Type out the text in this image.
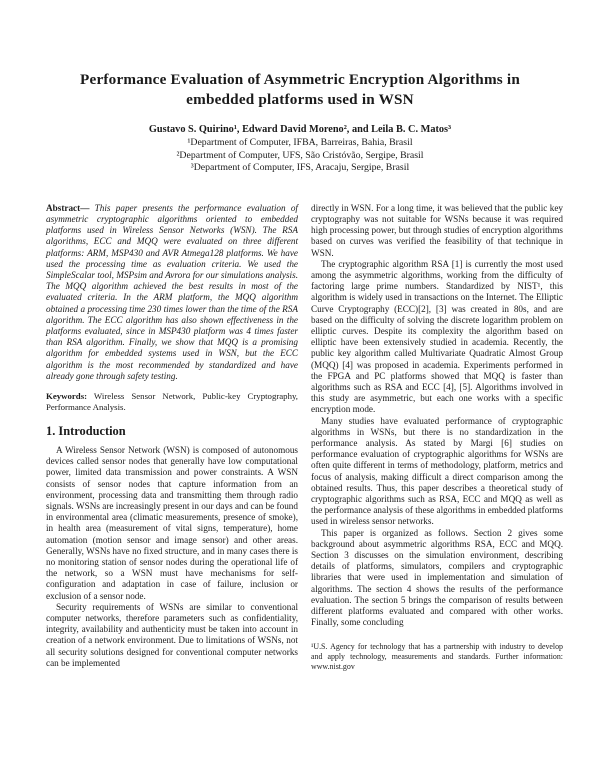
Performance Evaluation of Asymmetric Encryption Algorithms in embedded platforms used in WSN
Gustavo S. Quirino¹, Edward David Moreno², and Leila B. C. Matos³
¹Department of Computer, IFBA, Barreiras, Bahia, Brasil
²Department of Computer, UFS, São Cristóvão, Sergipe, Brasil
³Department of Computer, IFS, Aracaju, Sergipe, Brasil
Abstract— This paper presents the performance evaluation of asymmetric cryptographic algorithms oriented to embedded platforms used in Wireless Sensor Networks (WSN). The RSA algorithms, ECC and MQQ were evaluated on three different platforms: ARM, MSP430 and AVR Atmega128 platforms. We have used the processing time as evaluation criteria. We used the SimpleScalar tool, MSPsim and Avrora for our simulations analysis. The MQQ algorithm achieved the best results in most of the evaluated criteria. In the ARM platform, the MQQ algorithm obtained a processing time 230 times lower than the time of the RSA algorithm. The ECC algorithm has also shown effectiveness in the platforms evaluated, since in MSP430 platform was 4 times faster than RSA algorithm. Finally, we show that MQQ is a promising algorithm for embedded systems used in WSN, but the ECC algorithm is the most recommended by standardized and have already gone through safety testing.
Keywords: Wireless Sensor Network, Public-key Cryptography, Performance Analysis.
1. Introduction

A Wireless Sensor Network (WSN) is composed of autonomous devices called sensor nodes that generally have low computational power, limited data transmission and power constraints. A WSN consists of sensor nodes that capture information from an environment, processing data and transmitting them through radio signals. WSNs are increasingly present in our days and can be found in environmental area (climatic measurements, presence of smoke), in health area (measurement of vital signs, temperature), home automation (motion sensor and image sensor) and other areas. Generally, WSNs have no fixed structure, and in many cases there is no monitoring station of sensor nodes during the operational life of the network, so a WSN must have mechanisms for self-configuration and adaptation in case of failure, inclusion or exclusion of a sensor node.

Security requirements of WSNs are similar to conventional computer networks, therefore parameters such as confidentiality, integrity, availability and authenticity must be taken into account in creation of a network environment. Due to limitations of WSNs, not all security solutions designed for conventional computer networks can be implemented

directly in WSN. For a long time, it was believed that the public key cryptography was not suitable for WSNs because it was required high processing power, but through studies of encryption algorithms based on curves was verified the feasibility of that technique in WSN.

The cryptographic algorithm RSA [1] is currently the most used among the asymmetric algorithms, working from the difficulty of factoring large prime numbers. Standardized by NIST¹, this algorithm is widely used in transactions on the Internet. The Elliptic Curve Cryptography (ECC)[2], [3] was created in 80s, and are based on the difficulty of solving the discrete logarithm problem on elliptic curves. Despite its complexity the algorithm based on elliptic have been extensively studied in academia. Recently, the public key algorithm called Multivariate Quadratic Almost Group (MQQ) [4] was proposed in academia. Experiments performed in the FPGA and PC platforms showed that MQQ is faster than algorithms such as RSA and ECC [4], [5]. Algorithms involved in this study are asymmetric, but each one works with a specific encryption mode.

Many studies have evaluated performance of cryptographic algorithms in WSNs, but there is no standardization in the performance analysis. As stated by Margi [6] studies on performance evaluation of cryptographic algorithms for WSNs are often quite different in terms of methodology, platform, metrics and focus of analysis, making difficult a direct comparison among the obtained results. Thus, this paper describes a theoretical study of cryptographic algorithms such as RSA, ECC and MQQ as well as the performance analysis of these algorithms in embedded platforms used in wireless sensor networks.

This paper is organized as follows. Section 2 gives some background about asymmetric algorithms RSA, ECC and MQQ. Section 3 discusses on the simulation environment, describing details of platforms, simulators, compilers and cryptographic libraries that were used in implementation and simulation of algorithms. The section 4 shows the results of the performance evaluation. The section 5 brings the comparison of results between different platforms evaluated and compared with other works. Finally, some concluding

¹U.S. Agency for technology that has a partnership with industry to develop and apply technology, measurements and standards. Further information: www.nist.gov
